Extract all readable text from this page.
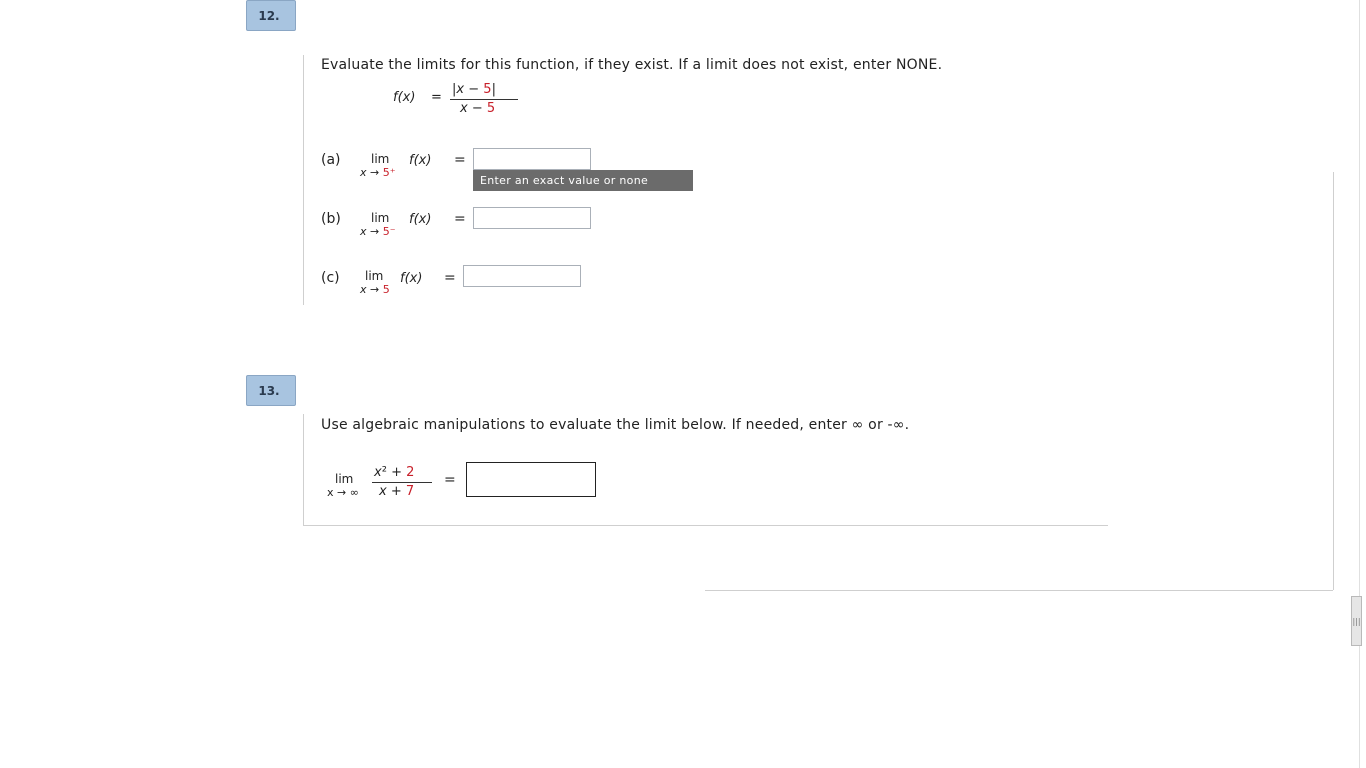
12.
Evaluate the limits for this function, if they exist. If a limit does not exist, enter NONE.
f(x) =
|x − 5|
x − 5
(a)	lim
x → 5⁺
f(x) =
Enter an exact value or none
(b)	lim
x → 5⁻
f(x) =
(c) lim
x → 5
f(x) =
13.
Use algebraic manipulations to evaluate the limit below. If needed, enter ∞ or -∞.
lim
x → ∞
x² + 2
x + 7
=
|||
